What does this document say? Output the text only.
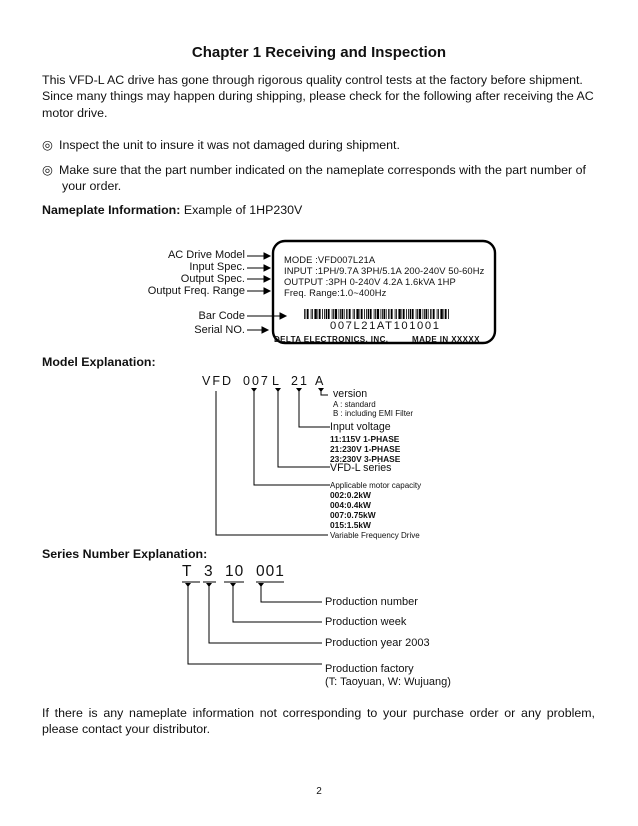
Chapter 1 Receiving and Inspection
This VFD-L AC drive has gone through rigorous quality control tests at the factory before shipment. Since many things may happen during shipping, please check for the following after receiving the AC motor drive.
◎ Inspect the unit to insure it was not damaged during shipment.
◎ Make sure that the part number indicated on the nameplate corresponds with the part number of
your order.
Nameplate Information: Example of 1HP230V
AC Drive Model
Input Spec.
Output Spec.
Output Freq. Range
Bar Code
Serial NO.
MODE :VFD007L21A
INPUT :1PH/9.7A 3PH/5.1A 200-240V 50-60Hz
OUTPUT :3PH 0-240V 4.2A 1.6kVA 1HP
Freq. Range:1.0~400Hz
007L21AT101001
DELTA ELECTRONICS, INC.	MADE IN XXXXX
Model Explanation:
VFD 007 L 21 A
version
A : standard
B : including EMI Filter
Input voltage
11:115V 1-PHASE
21:230V 1-PHASE
23:230V 3-PHASE
VFD-L series
Applicable motor capacity
002:0.2kW
004:0.4kW
007:0.75kW
015:1.5kW
Variable Frequency Drive
Series Number Explanation:
T 3 10 001
Production number
Production week
Production year 2003
Production factory
(T: Taoyuan, W: Wujuang)
If there is any nameplate information not corresponding to your purchase order or any problem, please contact your distributor.
2
